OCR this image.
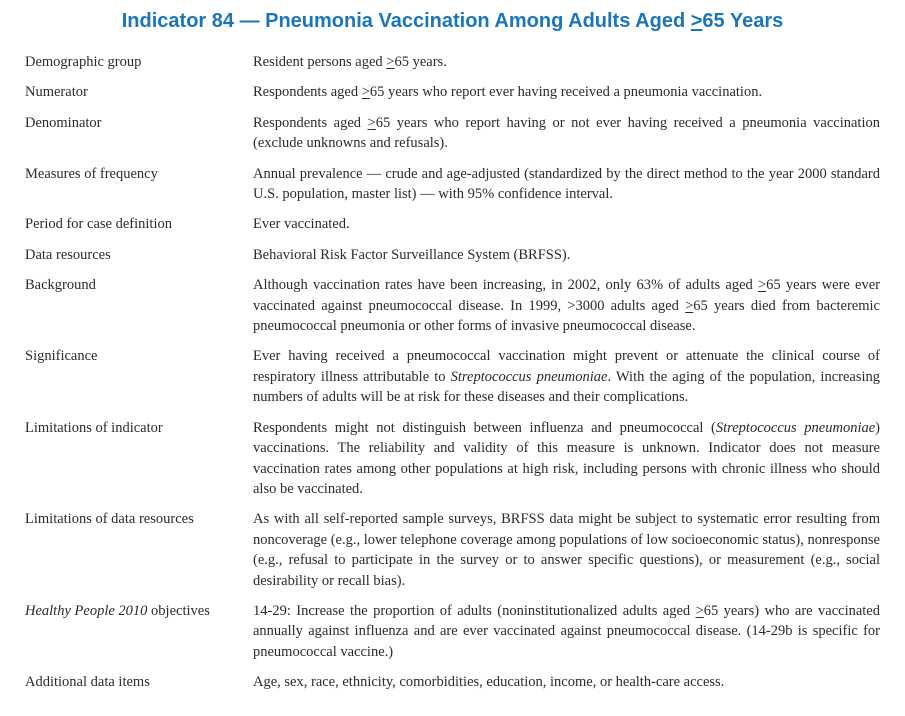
Indicator 84 — Pneumonia Vaccination Among Adults Aged >65 Years
Demographic group	Resident persons aged >65 years.
Numerator	Respondents aged >65 years who report ever having received a pneumonia vaccination.
Denominator	Respondents aged >65 years who report having or not ever having received a pneumonia vaccination (exclude unknowns and refusals).
Measures of frequency	Annual prevalence — crude and age-adjusted (standardized by the direct method to the year 2000 standard U.S. population, master list) — with 95% confidence interval.
Period for case definition	Ever vaccinated.
Data resources	Behavioral Risk Factor Surveillance System (BRFSS).
Background	Although vaccination rates have been increasing, in 2002, only 63% of adults aged >65 years were ever vaccinated against pneumococcal disease. In 1999, >3000 adults aged >65 years died from bacteremic pneumococcal pneumonia or other forms of invasive pneumococcal disease.
Significance	Ever having received a pneumococcal vaccination might prevent or attenuate the clinical course of respiratory illness attributable to Streptococcus pneumoniae. With the aging of the population, increasing numbers of adults will be at risk for these diseases and their complications.
Limitations of indicator	Respondents might not distinguish between influenza and pneumococcal (Streptococcus pneumoniae) vaccinations. The reliability and validity of this measure is unknown. Indicator does not measure vaccination rates among other populations at high risk, including persons with chronic illness who should also be vaccinated.
Limitations of data resources	As with all self-reported sample surveys, BRFSS data might be subject to systematic error resulting from noncoverage (e.g., lower telephone coverage among populations of low socioeconomic status), nonresponse (e.g., refusal to participate in the survey or to answer specific questions), or measurement (e.g., social desirability or recall bias).
Healthy People 2010 objectives	14-29: Increase the proportion of adults (noninstitutionalized adults aged >65 years) who are vaccinated annually against influenza and are ever vaccinated against pneumococcal disease. (14-29b is specific for pneumococcal vaccine.)
Additional data items	Age, sex, race, ethnicity, comorbidities, education, income, or health-care access.
